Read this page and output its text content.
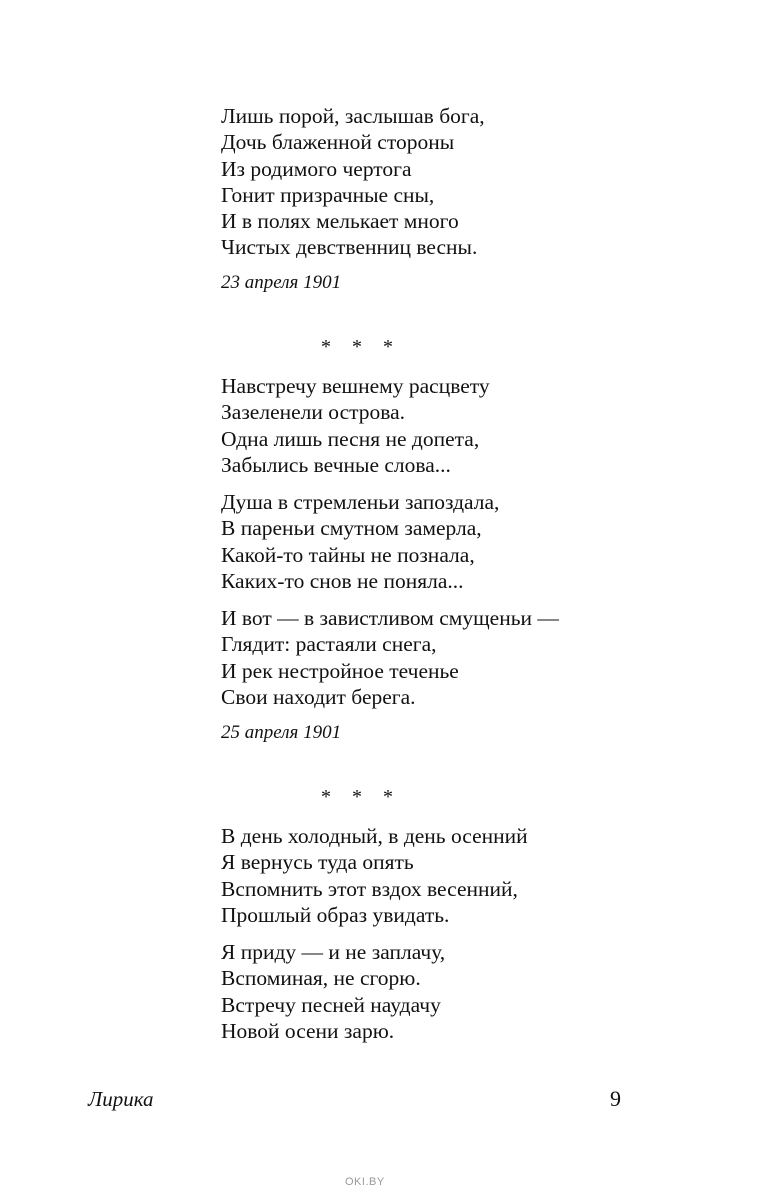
Лишь порой, заслышав бога,
Дочь блаженной стороны
Из родимого чертога
Гонит призрачные сны,
И в полях мелькает много
Чистых девственниц весны.
23 апреля 1901
* * *
Навстречу вешнему расцвету
Зазеленели острова.
Одна лишь песня не допета,
Забылись вечные слова...
Душа в стремленьи запоздала,
В пареньи смутном замерла,
Какой-то тайны не познала,
Каких-то снов не поняла...
И вот — в завистливом смущеньи —
Глядит: растаяли снега,
И рек нестройное теченье
Свои находит берега.
25 апреля 1901
* * *
В день холодный, в день осенний
Я вернусь туда опять
Вспомнить этот вздох весенний,
Прошлый образ увидать.
Я приду — и не заплачу,
Вспоминая, не сгорю.
Встречу песней наудачу
Новой осени зарю.
Лирика	9
OKI.BY
